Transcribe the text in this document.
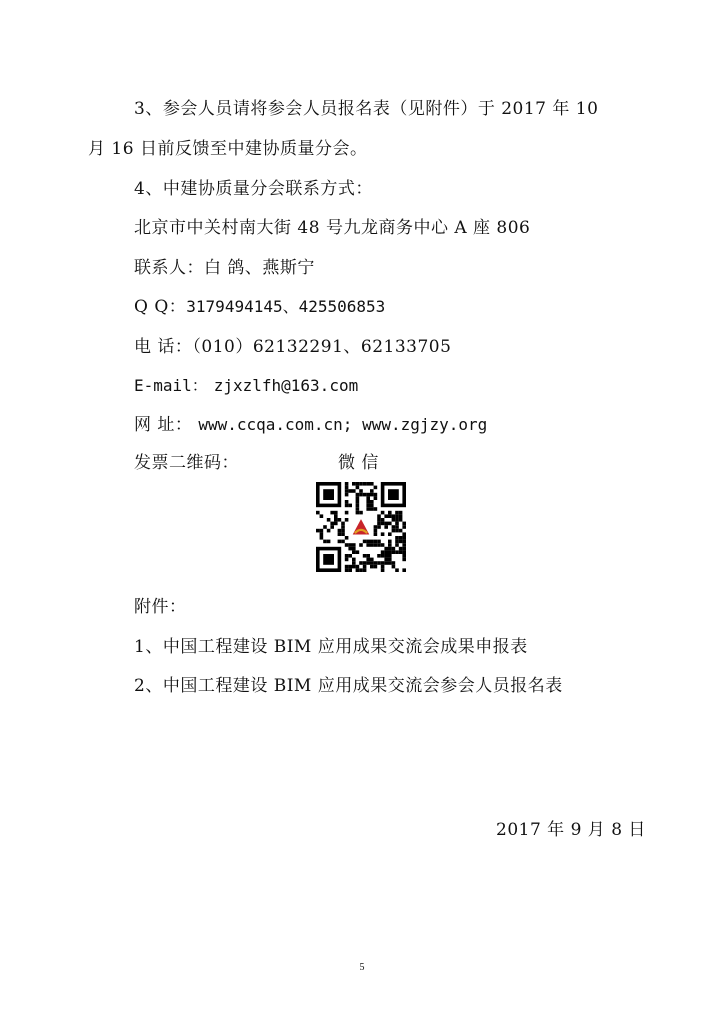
3、参会人员请将参会人员报名表（见附件）于 2017 年 10
月 16 日前反馈至中建协质量分会。
4、中建协质量分会联系方式：
北京市中关村南大街 48 号九龙商务中心 A 座 806
联系人：白 鸽、燕斯宁
Q Q：3179494145、425506853
电 话：（010）62132291、62133705
E-mail： zjxzlfh@163.com
网 址： www.ccqa.com.cn; www.zgjzy.org
发票二维码：	微 信
附件：
1、中国工程建设 BIM 应用成果交流会成果申报表
2、中国工程建设 BIM 应用成果交流会参会人员报名表
2017 年 9 月 8 日
5
